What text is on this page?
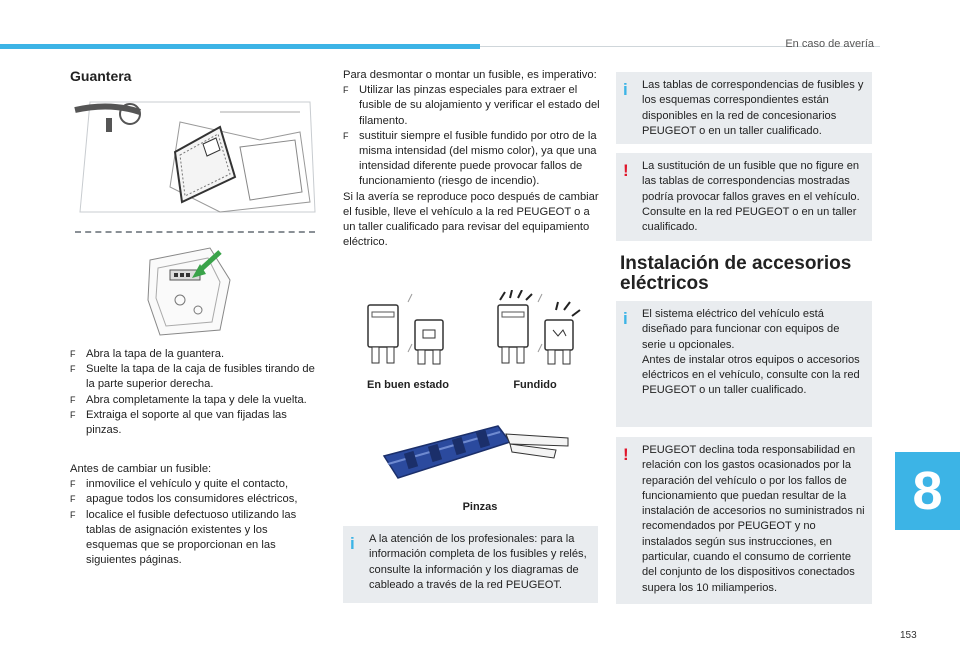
En caso de avería
8
153
Guantera

F Abra la tapa de la guantera.

F Suelte la tapa de la caja de fusibles tirando de la parte superior derecha.

F Abra completamente la tapa y dele la vuelta.

F Extraiga el soporte al que van fijadas las pinzas.

Antes de cambiar un fusible:

F inmovilice el vehículo y quite el contacto,

F apague todos los consumidores eléctricos,

F localice el fusible defectuoso utilizando las tablas de asignación existentes y los esquemas que se proporcionan en las siguientes páginas.

Para desmontar o montar un fusible, es imperativo:

F Utilizar las pinzas especiales para extraer el fusible de su alojamiento y verificar el estado del filamento.

F sustituir siempre el fusible fundido por otro de la misma intensidad (del mismo color), ya que una intensidad diferente puede provocar fallos de funcionamiento (riesgo de incendio).

Si la avería se reproduce poco después de cambiar el fusible, lleve el vehículo a la red PEUGEOT o a un taller cualificado para revisar del equipamiento eléctrico.

En buen estado	Fundido
Pinzas
i A la atención de los profesionales: para la información completa de los fusibles y relés, consulte la información y los diagramas de cableado a través de la red PEUGEOT.
i Las tablas de correspondencias de fusibles y los esquemas correspondientes están disponibles en la red de concesionarios PEUGEOT o en un taller cualificado.
! La sustitución de un fusible que no figure en las tablas de correspondencias mostradas podría provocar fallos graves en el vehículo. Consulte en la red PEUGEOT o en un taller cualificado.
Instalación de accesorios eléctricos
i El sistema eléctrico del vehículo está diseñado para funcionar con equipos de serie u opcionales.
Antes de instalar otros equipos o accesorios eléctricos en el vehículo, consulte con la red PEUGEOT o un taller cualificado.
! PEUGEOT declina toda responsabilidad en relación con los gastos ocasionados por la reparación del vehículo o por los fallos de funcionamiento que puedan resultar de la instalación de accesorios no suministrados ni recomendados por PEUGEOT y no instalados según sus instrucciones, en particular, cuando el consumo de corriente del conjunto de los dispositivos conectados supera los 10 miliamperios.
